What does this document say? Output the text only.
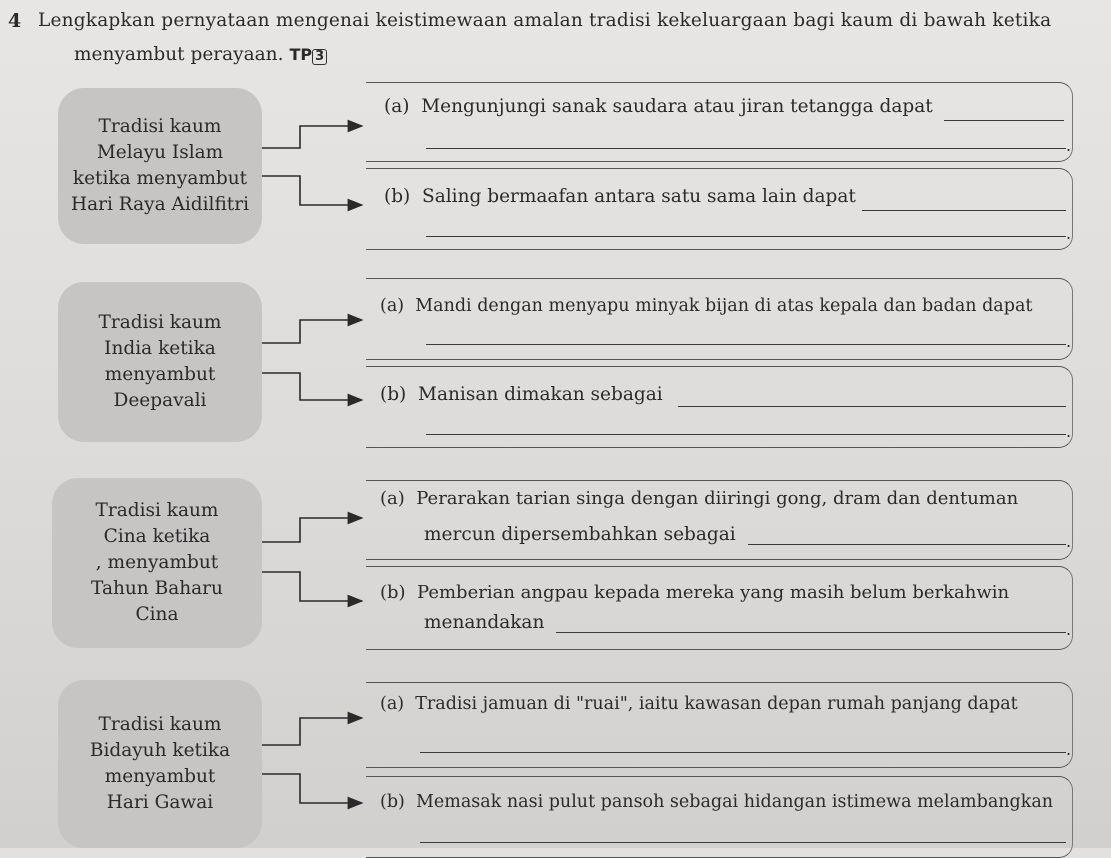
4 Lengkapkan pernyataan mengenai keistimewaan amalan tradisi kekeluargaan bagi kaum di bawah ketika
menyambut perayaan. TP 3
Tradisi kaum
Melayu Islam
ketika menyambut
Hari Raya Aidilfitri
(a) Mengunjungi sanak saudara atau jiran tetangga dapat
.
(b) Saling bermaafan antara satu sama lain dapat
.
Tradisi kaum
India ketika
menyambut
Deepavali
(a) Mandi dengan menyapu minyak bijan di atas kepala dan badan dapat
.
(b) Manisan dimakan sebagai
.
Tradisi kaum
Cina ketika
, menyambut
Tahun Baharu
Cina
(a) Perarakan tarian singa dengan diiringi gong, dram dan dentuman
mercun dipersembahkan sebagai	.
(b) Pemberian angpau kepada mereka yang masih belum berkahwin
menandakan	.
Tradisi kaum
Bidayuh ketika
menyambut
Hari Gawai
(a) Tradisi jamuan di "ruai", iaitu kawasan depan rumah panjang dapat
.
(b) Memasak nasi pulut pansoh sebagai hidangan istimewa melambangkan
